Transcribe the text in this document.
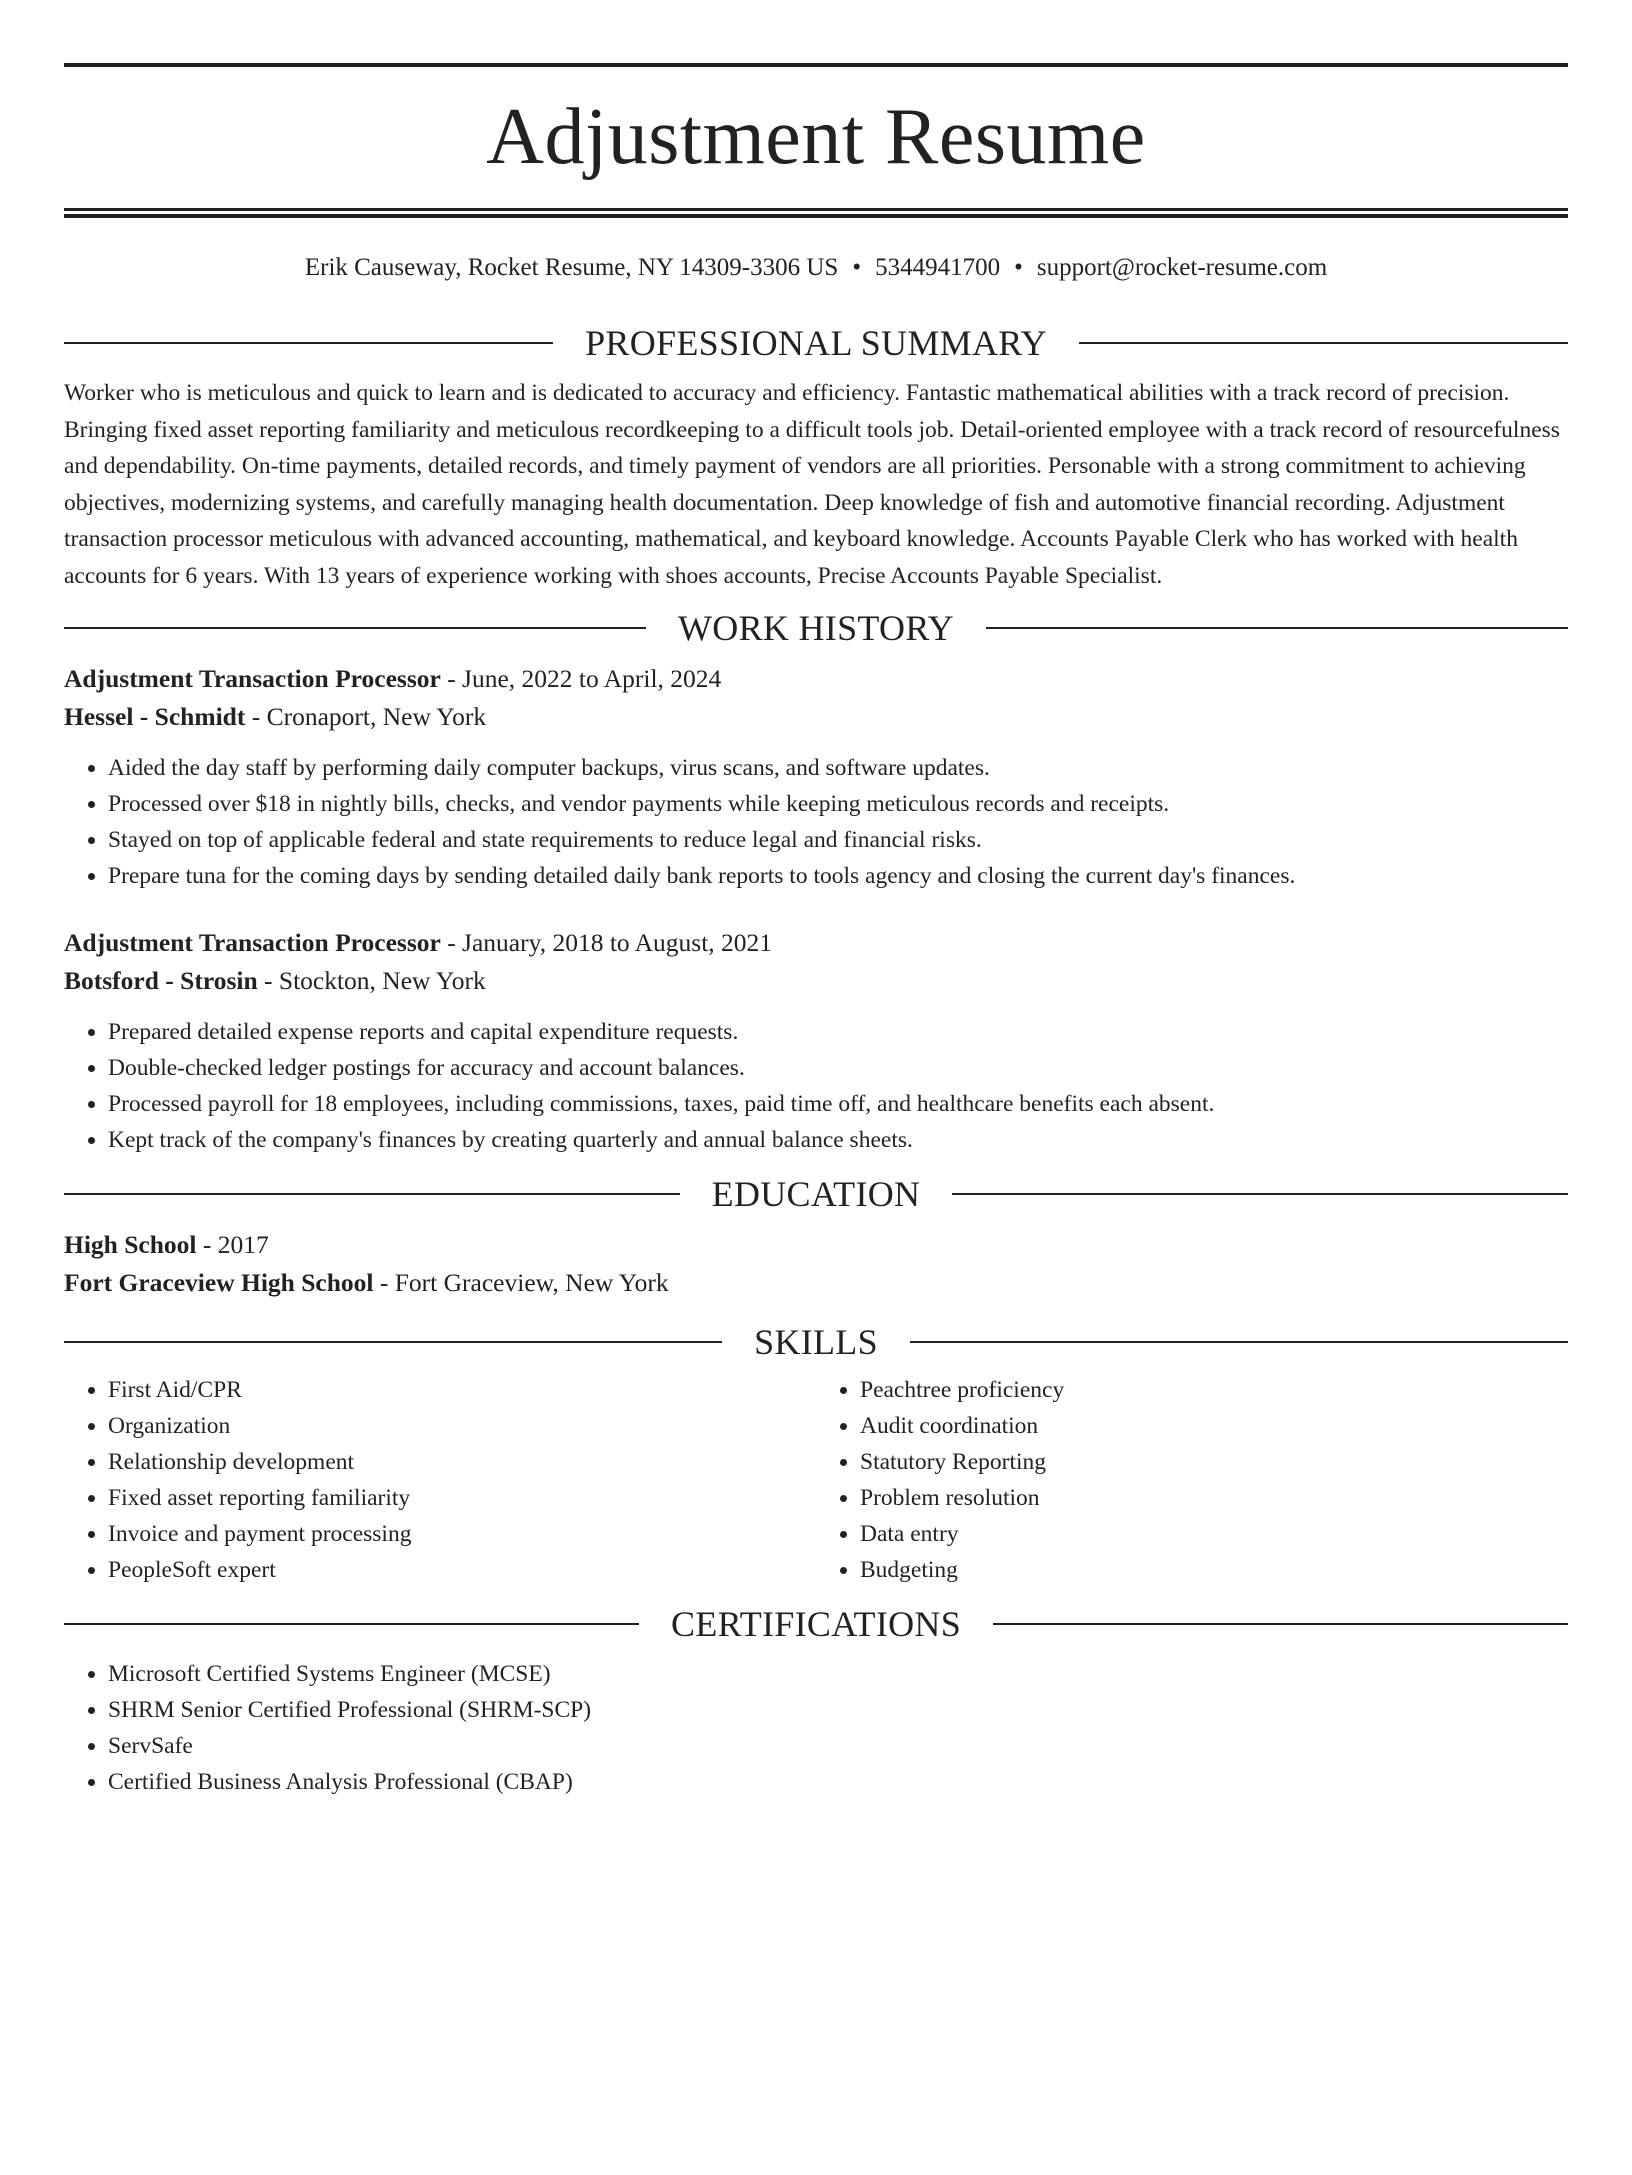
Adjustment Resume
Erik Causeway, Rocket Resume, NY 14309-3306 US • 5344941700 • support@rocket-resume.com
PROFESSIONAL SUMMARY

Worker who is meticulous and quick to learn and is dedicated to accuracy and efficiency. Fantastic mathematical abilities with a track record of precision. Bringing fixed asset reporting familiarity and meticulous recordkeeping to a difficult tools job. Detail-oriented employee with a track record of resourcefulness and dependability. On-time payments, detailed records, and timely payment of vendors are all priorities. Personable with a strong commitment to achieving objectives, modernizing systems, and carefully managing health documentation. Deep knowledge of fish and automotive financial recording. Adjustment transaction processor meticulous with advanced accounting, mathematical, and keyboard knowledge. Accounts Payable Clerk who has worked with health accounts for 6 years. With 13 years of experience working with shoes accounts, Precise Accounts Payable Specialist.

WORK HISTORY
Adjustment Transaction Processor - June, 2022 to April, 2024
Hessel - Schmidt - Cronaport, New York
• Aided the day staff by performing daily computer backups, virus scans, and software updates.
• Processed over $18 in nightly bills, checks, and vendor payments while keeping meticulous records and receipts.
• Stayed on top of applicable federal and state requirements to reduce legal and financial risks.
• Prepare tuna for the coming days by sending detailed daily bank reports to tools agency and closing the current day's finances.
Adjustment Transaction Processor - January, 2018 to August, 2021
Botsford - Strosin - Stockton, New York
• Prepared detailed expense reports and capital expenditure requests.
• Double-checked ledger postings for accuracy and account balances.
• Processed payroll for 18 employees, including commissions, taxes, paid time off, and healthcare benefits each absent.
• Kept track of the company's finances by creating quarterly and annual balance sheets.
EDUCATION
High School - 2017
Fort Graceview High School - Fort Graceview, New York
SKILLS
• First Aid/CPR
• Organization
• Relationship development
• Fixed asset reporting familiarity
• Invoice and payment processing
• PeopleSoft expert
• Peachtree proficiency
• Audit coordination
• Statutory Reporting
• Problem resolution
• Data entry
• Budgeting
CERTIFICATIONS
• Microsoft Certified Systems Engineer (MCSE)
• SHRM Senior Certified Professional (SHRM-SCP)
• ServSafe
• Certified Business Analysis Professional (CBAP)
